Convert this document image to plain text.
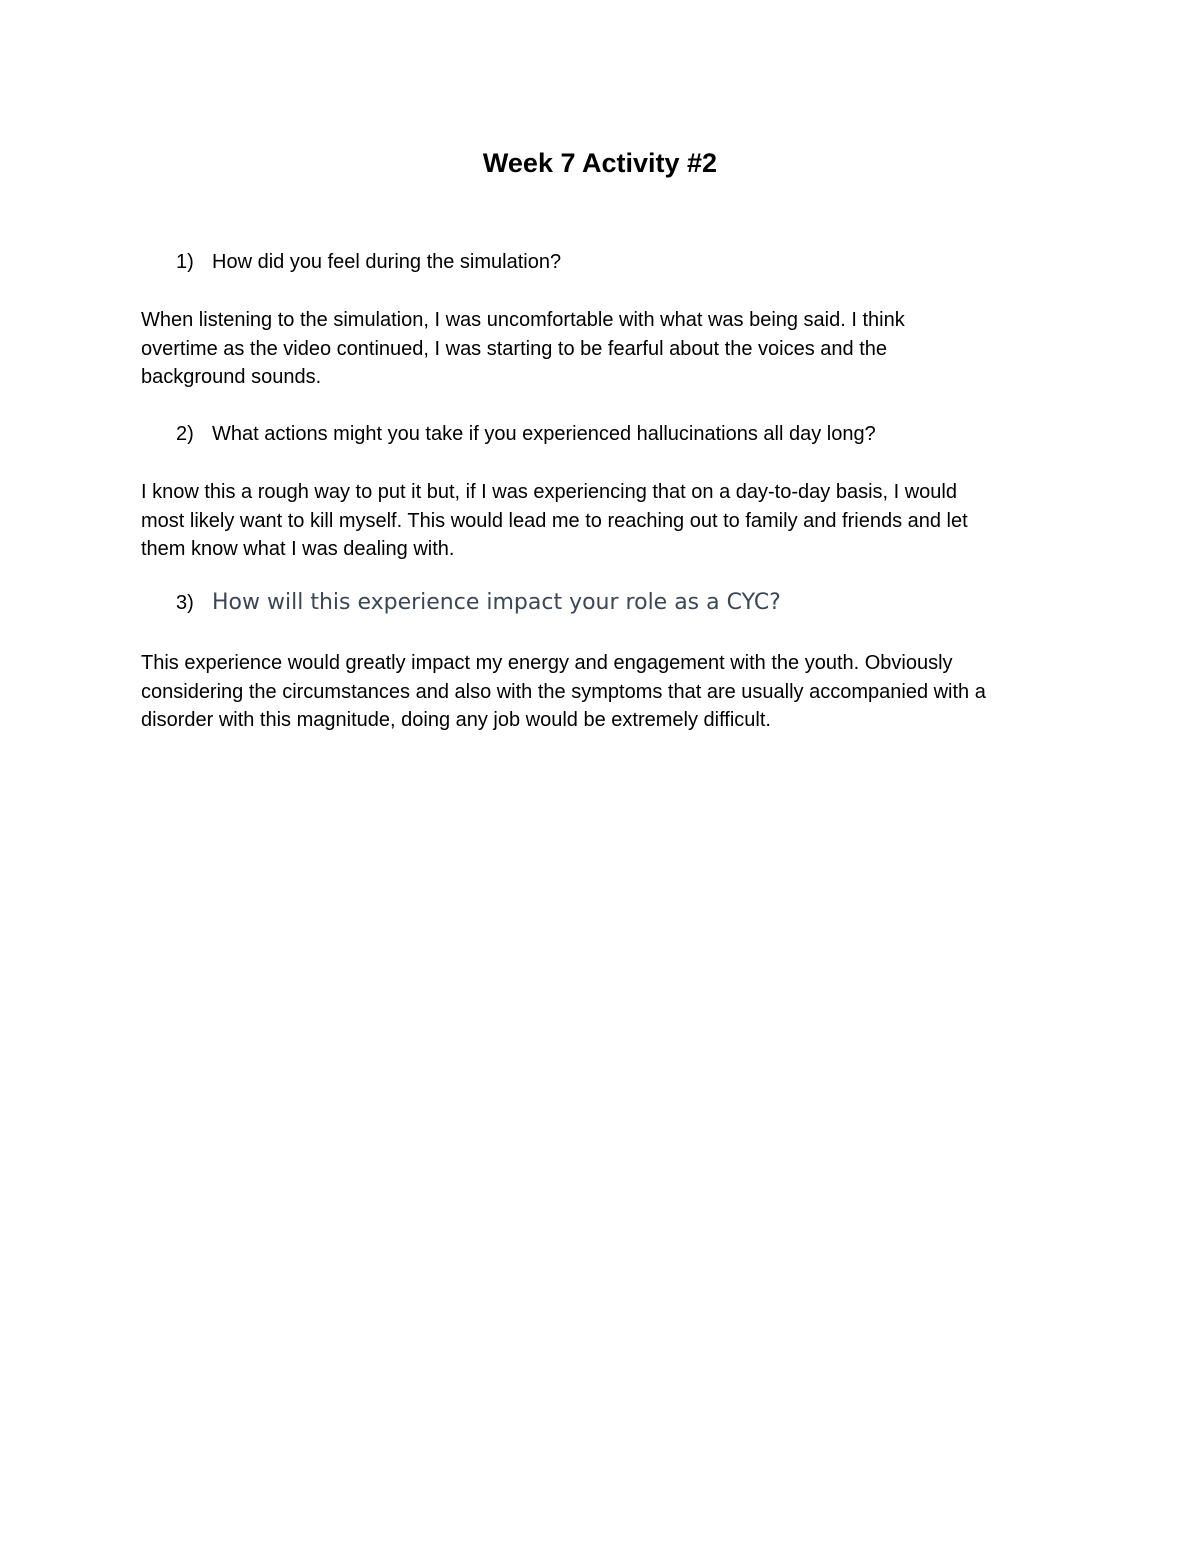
Week 7 Activity #2
1) How did you feel during the simulation?
When listening to the simulation, I was uncomfortable with what was being said. I think
overtime as the video continued, I was starting to be fearful about the voices and the
background sounds.
2) What actions might you take if you experienced hallucinations all day long?
I know this a rough way to put it but, if I was experiencing that on a day-to-day basis, I would
most likely want to kill myself. This would lead me to reaching out to family and friends and let
them know what I was dealing with.
3) How will this experience impact your role as a CYC?
This experience would greatly impact my energy and engagement with the youth. Obviously
considering the circumstances and also with the symptoms that are usually accompanied with a
disorder with this magnitude, doing any job would be extremely difficult.
